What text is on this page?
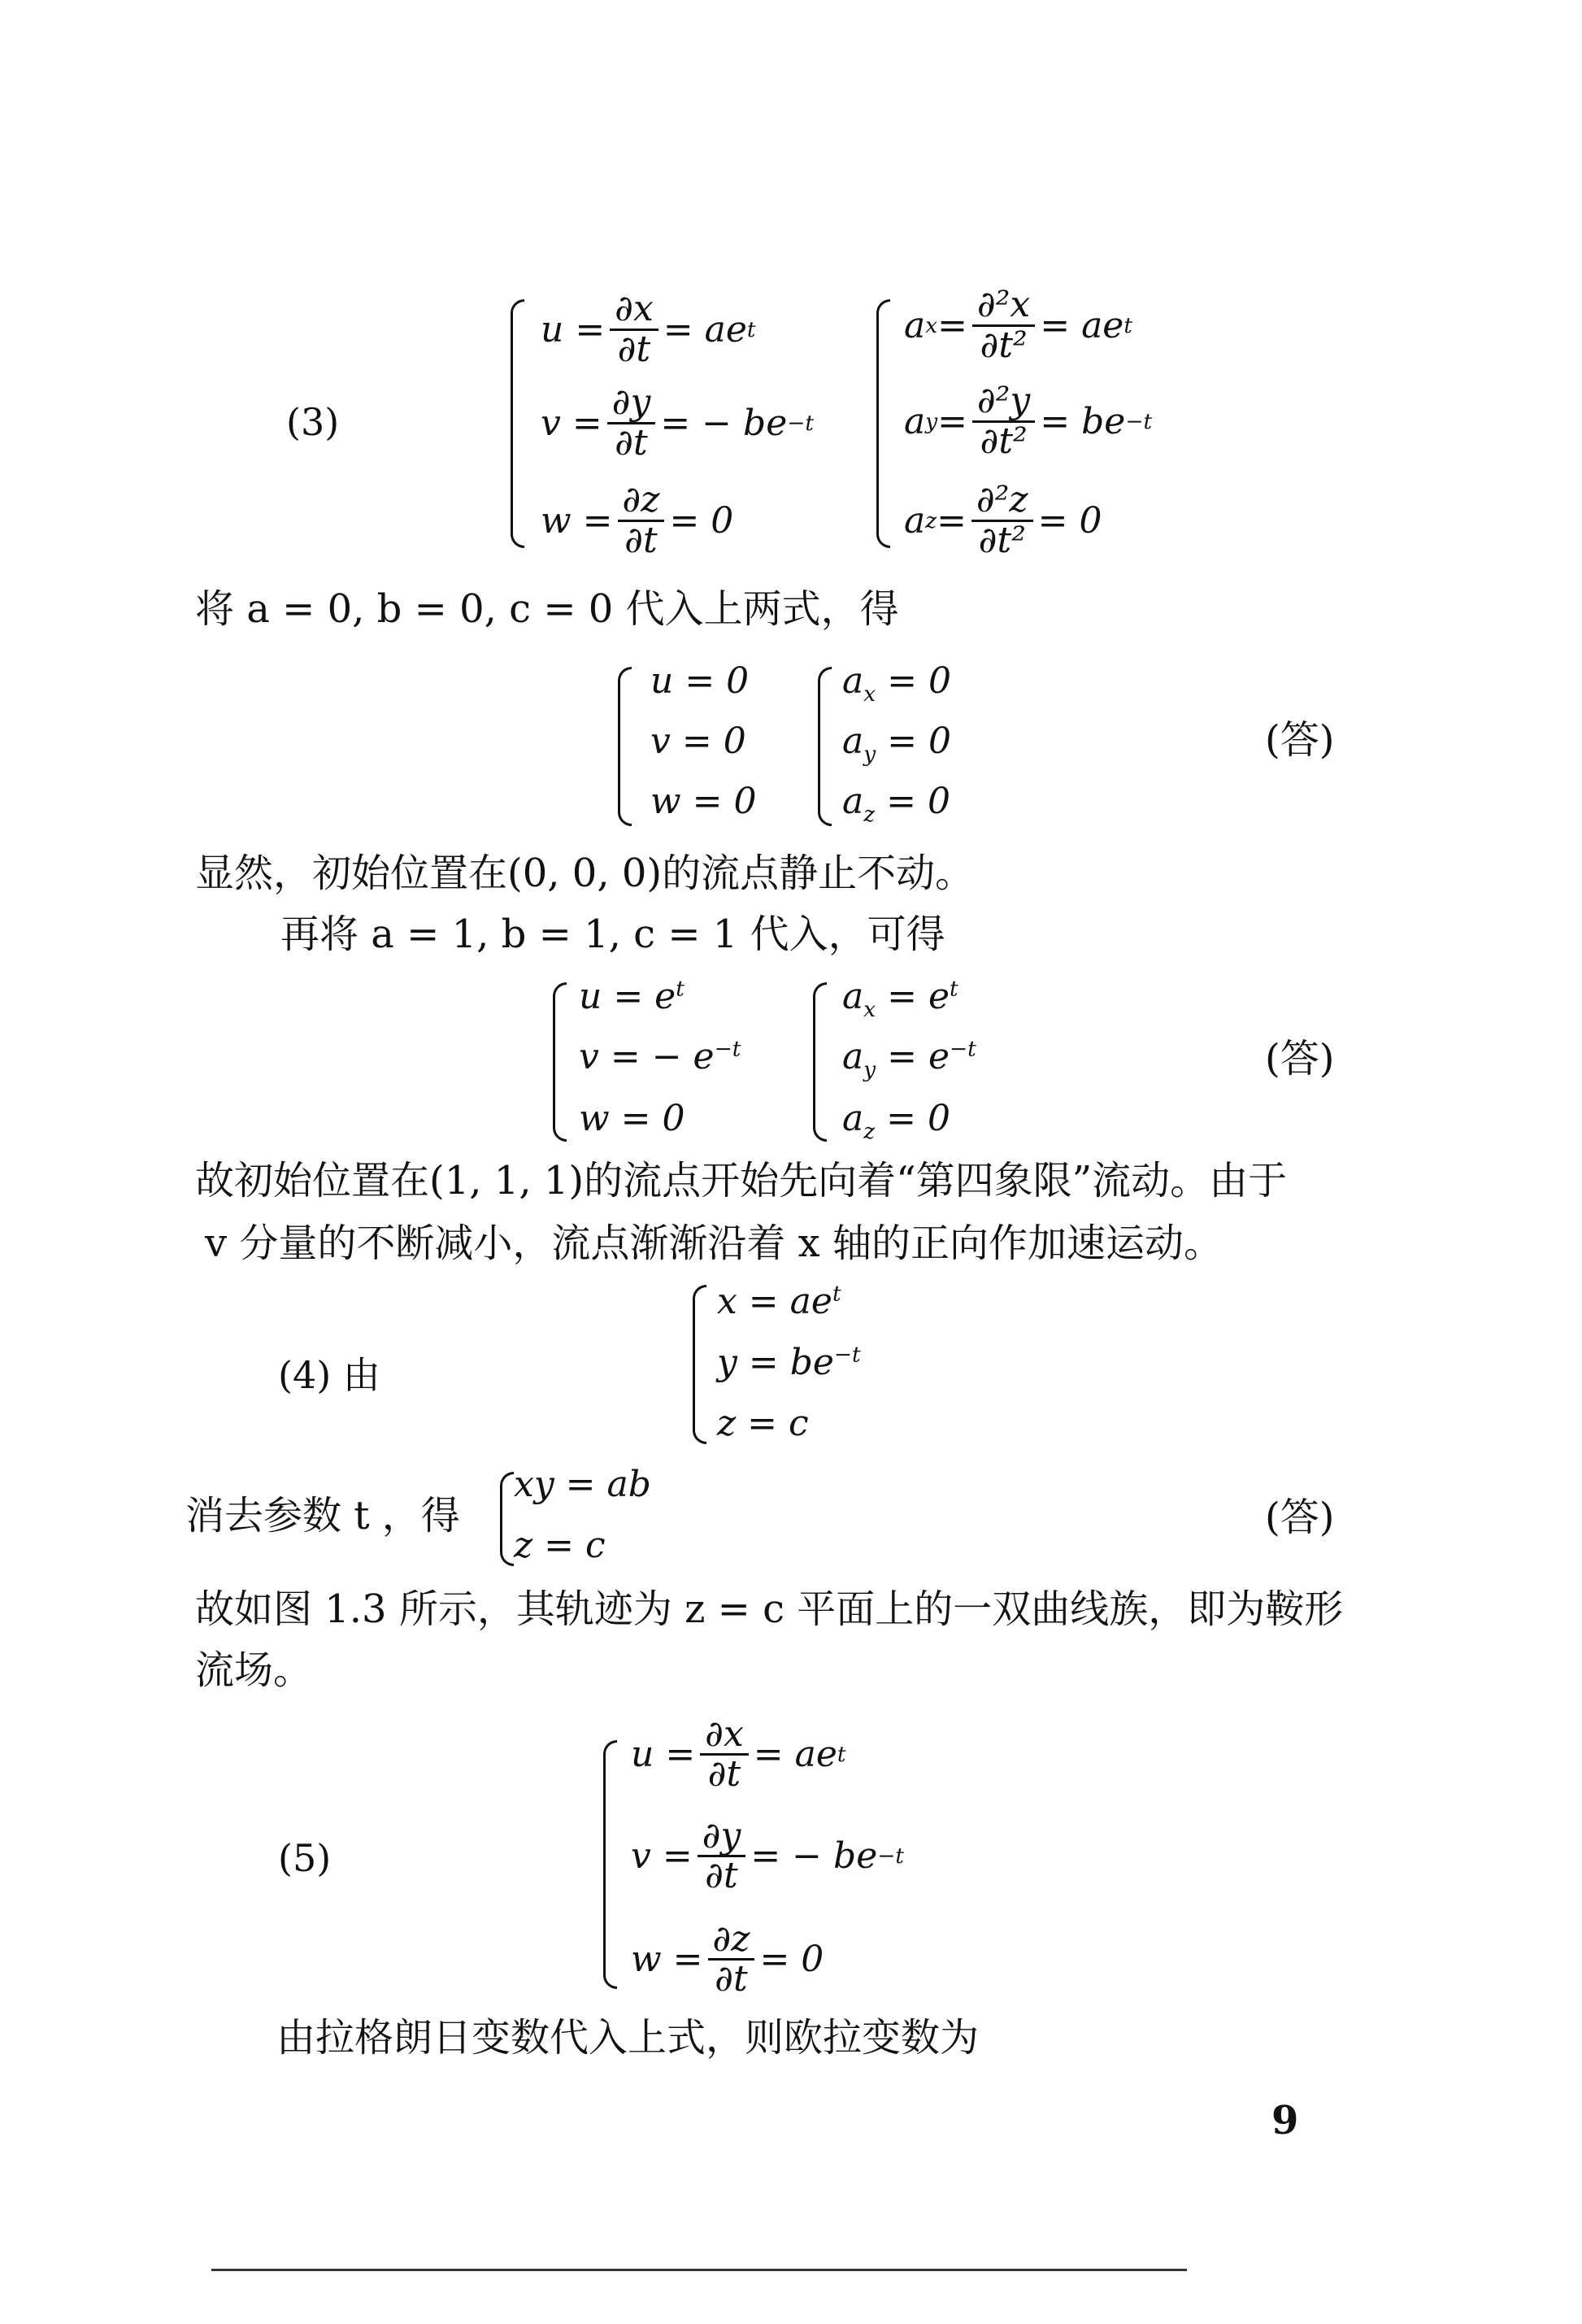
(3)
$u = \frac{\partial x}{\partial t}$ = ae t
$v = \frac{\partial y}{\partial t}$ = − be −t
$w = \frac{\partial z}{\partial t} = 0$
a $x = \frac{\text{∂²x}}{\text{∂t²}}$ = ae t
a $y = \frac{\text{∂²y}}{\text{∂t²}}$ = be −t
a $z = \frac{\text{∂²z}}{\text{∂t²}} = 0$
将 a = 0, b = 0, c = 0 代入上两式，得
u = 0
v = 0
w = 0
$a_x = 0$
$a_y = 0$
$a_z = 0$
(答)
显然，初始位置在(0, 0, 0)的流点静止不动。
再将 a = 1, b = 1, c = 1 代入，可得
$u = e^t$
v = − $e^{-t}$
w = 0
$a_x = e^t$
$a_y = e^{-t}$
$a_z = 0$
(答)
故初始位置在(1, 1, 1)的流点开始先向着“第四象限”流动。由于
v 分量的不断减小，流点渐渐沿着 x 轴的正向作加速运动。
(4) 由
$x = ae^t$
$y = be^{-t}$
z = c
消去参数 t ，得
xy = ab
z = c
(答)
故如图 1.3 所示，其轨迹为 z = c 平面上的一双曲线族，即为鞍形
流场。
(5)
$u = \frac{\partial x}{\partial t}$ = ae t
$v = \frac{\partial y}{\partial t}$ = − be −t
$w = \frac{\partial z}{\partial t} = 0$
由拉格朗日变数代入上式，则欧拉变数为
9
